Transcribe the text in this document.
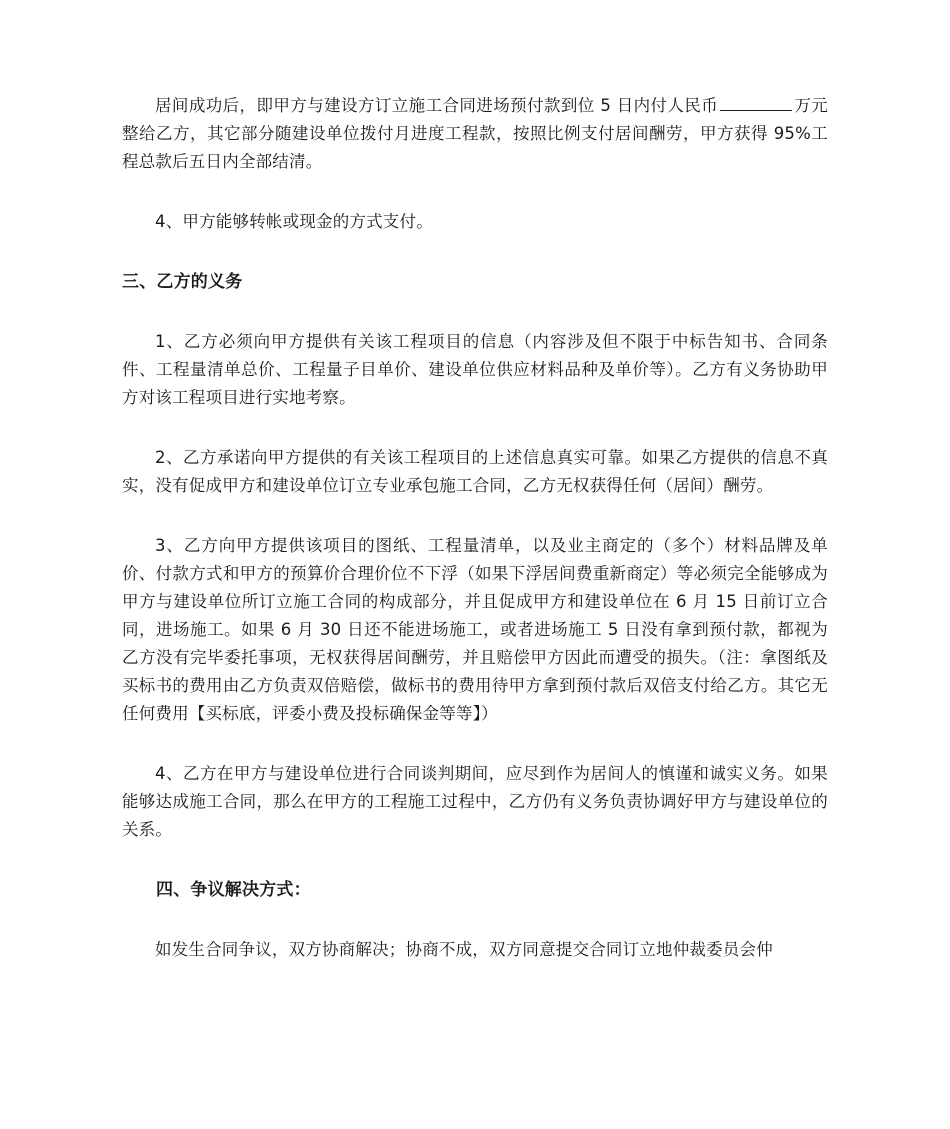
居间成功后，即甲方与建设方订立施工合同进场预付款到位 5 日内付人民币	万元整给乙方，其它部分随建设单位拨付月进度工程款，按照比例支付居间酬劳，甲方获得 95%工程总款后五日内全部结清。

4、甲方能够转帐或现金的方式支付。

三、乙方的义务

1、乙方必须向甲方提供有关该工程项目的信息（内容涉及但不限于中标告知书、合同条件、工程量清单总价、工程量子目单价、建设单位供应材料品种及单价等）。乙方有义务协助甲方对该工程项目进行实地考察。

2、乙方承诺向甲方提供的有关该工程项目的上述信息真实可靠。如果乙方提供的信息不真实，没有促成甲方和建设单位订立专业承包施工合同，乙方无权获得任何（居间）酬劳。

3、乙方向甲方提供该项目的图纸、工程量清单，以及业主商定的（多个）材料品牌及单价、付款方式和甲方的预算价合理价位不下浮（如果下浮居间费重新商定）等必须完全能够成为甲方与建设单位所订立施工合同的构成部分，并且促成甲方和建设单位在 6 月 15 日前订立合同，进场施工。如果 6 月 30 日还不能进场施工，或者进场施工 5 日没有拿到预付款，都视为乙方没有完毕委托事项，无权获得居间酬劳，并且赔偿甲方因此而遭受的损失。（注：拿图纸及买标书的费用由乙方负责双倍赔偿，做标书的费用待甲方拿到预付款后双倍支付给乙方。其它无任何费用【买标底，评委小费及投标确保金等等】）

4、乙方在甲方与建设单位进行合同谈判期间，应尽到作为居间人的慎谨和诚实义务。如果能够达成施工合同，那么在甲方的工程施工过程中，乙方仍有义务负责协调好甲方与建设单位的关系。

四、争议解决方式：

如发生合同争议，双方协商解决；协商不成，双方同意提交合同订立地仲裁委员会仲
